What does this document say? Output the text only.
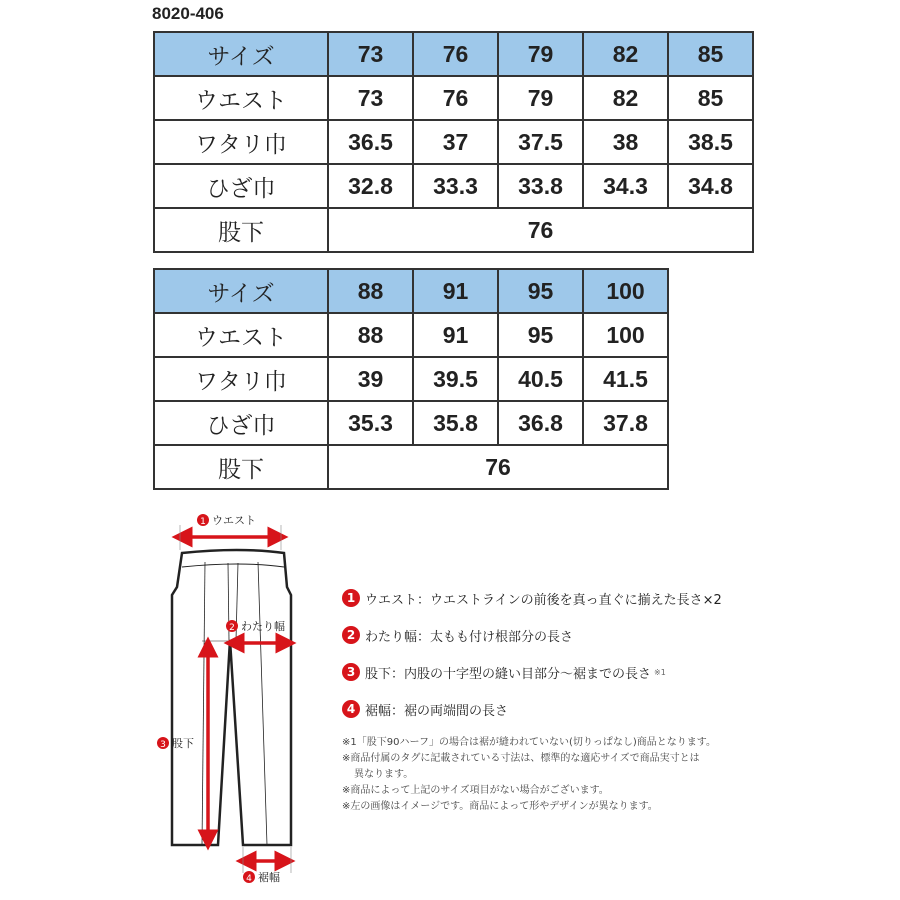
8020-406
サイズ	73	76	79	82	85
ウエスト	73	76	79	82	85
ワタリ巾	36.5	37	37.5	38	38.5
ひざ巾	32.8	33.3	33.8	34.3	34.8
股下	76				
サイズ	88	91	95	100
ウエスト	88	91	95	100
ワタリ巾	39	39.5	40.5	41.5
ひざ巾	35.3	35.8	36.8	37.8
股下	76			
1 ウエスト
2 わたり幅
3 股下
4 裾幅
1 ウエスト ：ウエストラインの前後を真っ直ぐに揃えた長さ×2
2 わたり幅 ：太もも付け根部分の長さ
3 股下 ：内股の十字型の縫い目部分～裾までの長さ ※1
4 裾幅 ：裾の両端間の長さ
※1「股下90ハーフ」の場合は裾が縫われていない(切りっぱなし)商品となります。
※商品付属のタグに記載されている寸法は、標準的な適応サイズで商品実寸とは
異なります。
※商品によって上記のサイズ項目がない場合がございます。
※左の画像はイメージです。商品によって形やデザインが異なります。
